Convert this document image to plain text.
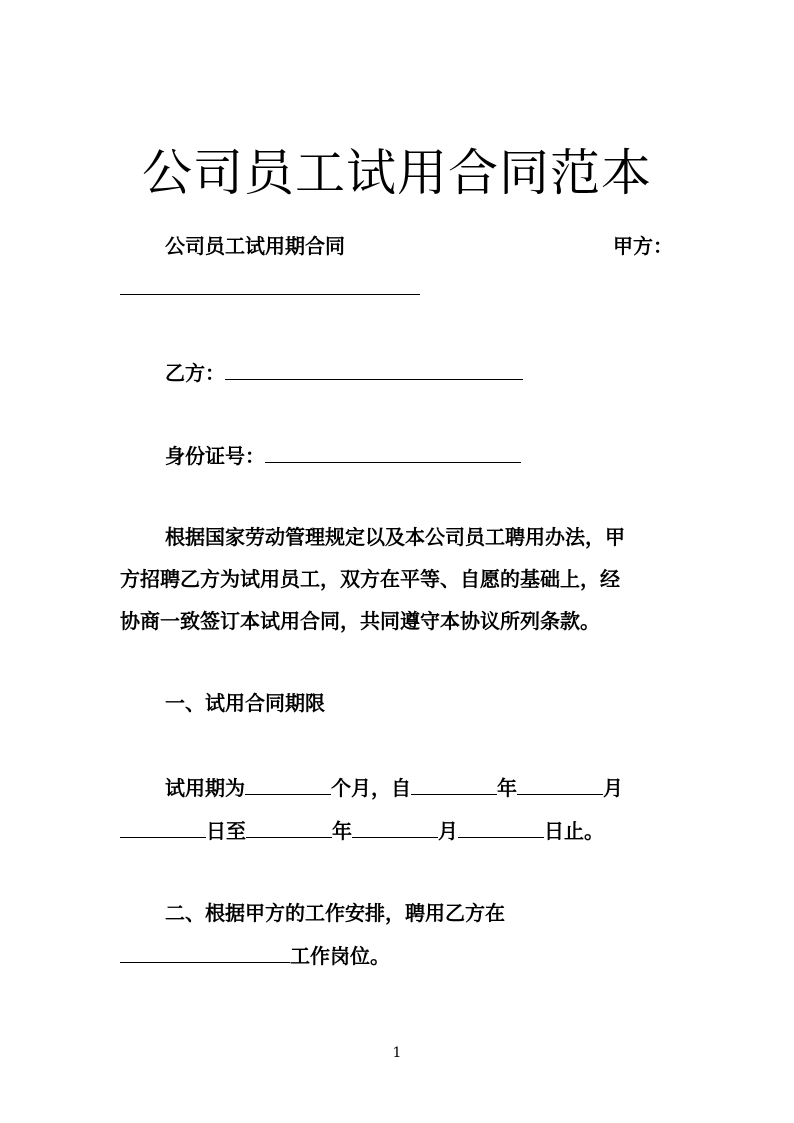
公司员工试用合同范本
公司员工试用期合同	甲方：
乙方：
身份证号：
根据国家劳动管理规定以及本公司员工聘用办法，甲
方招聘乙方为试用员工，双方在平等、自愿的基础上，经
协商一致签订本试用合同，共同遵守本协议所列条款。
一、试用合同期限
试用期为	个月，自	年	月
日至	年	月	日止。
二、根据甲方的工作安排，聘用乙方在
工作岗位。
1
